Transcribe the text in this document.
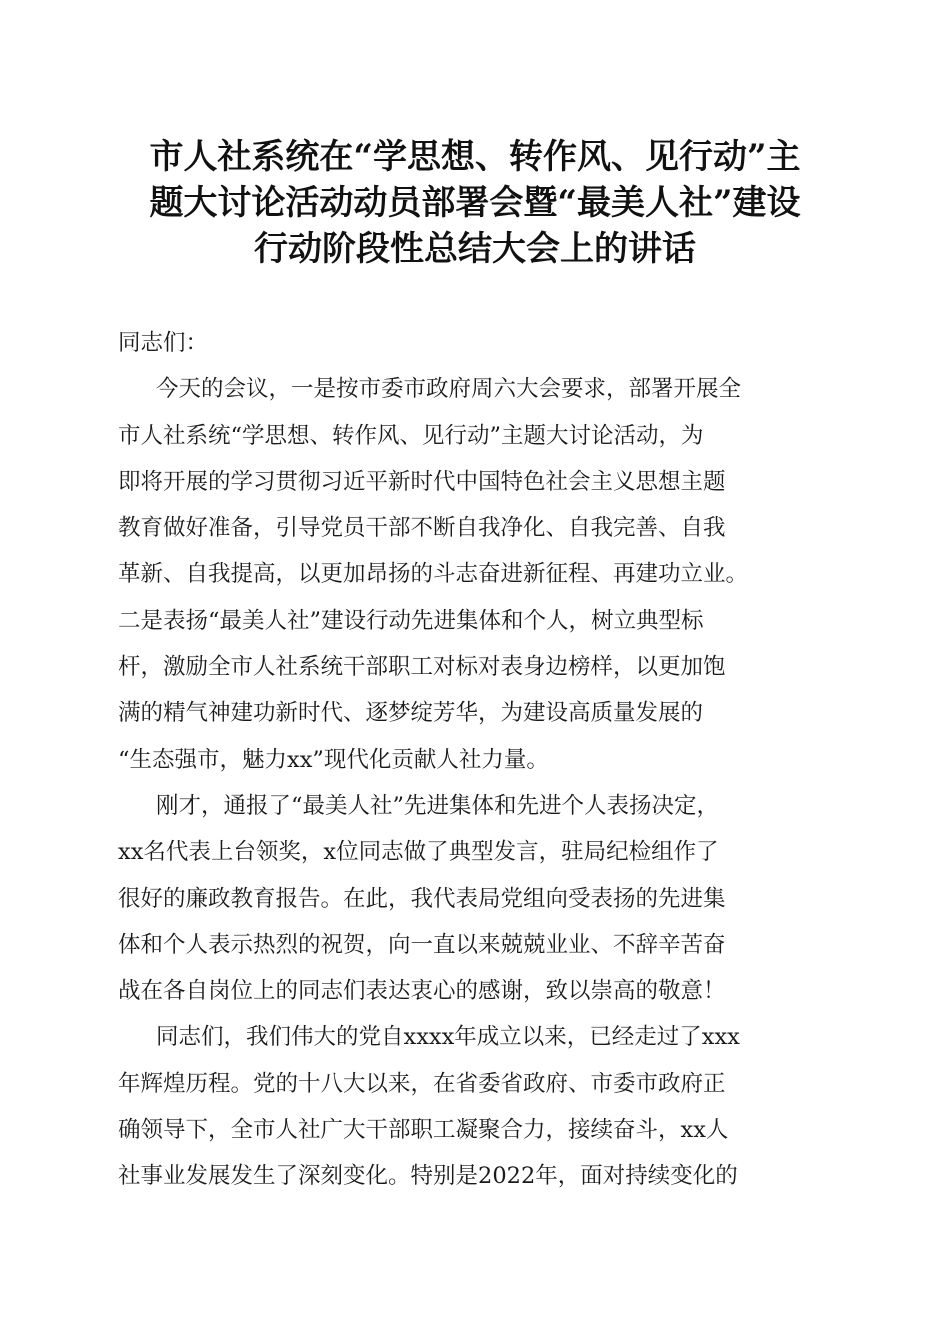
市人社系统在“学思想、转作风、见行动”主
题大讨论活动动员部署会暨“最美人社”建设
行动阶段性总结大会上的讲话
同志们：
今天的会议，一是按市委市政府周六大会要求，部署开展全
市人社系统“学思想、转作风、见行动”主题大讨论活动，为
即将开展的学习贯彻习近平新时代中国特色社会主义思想主题
教育做好准备，引导党员干部不断自我净化、自我完善、自我
革新、自我提高，以更加昂扬的斗志奋进新征程、再建功立业。
二是表扬“最美人社”建设行动先进集体和个人，树立典型标
杆，激励全市人社系统干部职工对标对表身边榜样，以更加饱
满的精气神建功新时代、逐梦绽芳华，为建设高质量发展的
“生态强市，魅力xx”现代化贡献人社力量。
刚才，通报了“最美人社”先进集体和先进个人表扬决定，
xx名代表上台领奖，x位同志做了典型发言，驻局纪检组作了
很好的廉政教育报告。在此，我代表局党组向受表扬的先进集
体和个人表示热烈的祝贺，向一直以来兢兢业业、不辞辛苦奋
战在各自岗位上的同志们表达衷心的感谢，致以崇高的敬意！
同志们，我们伟大的党自xxxx年成立以来，已经走过了xxx
年辉煌历程。党的十八大以来，在省委省政府、市委市政府正
确领导下，全市人社广大干部职工凝聚合力，接续奋斗，xx人
社事业发展发生了深刻变化。特别是2022年，面对持续变化的
